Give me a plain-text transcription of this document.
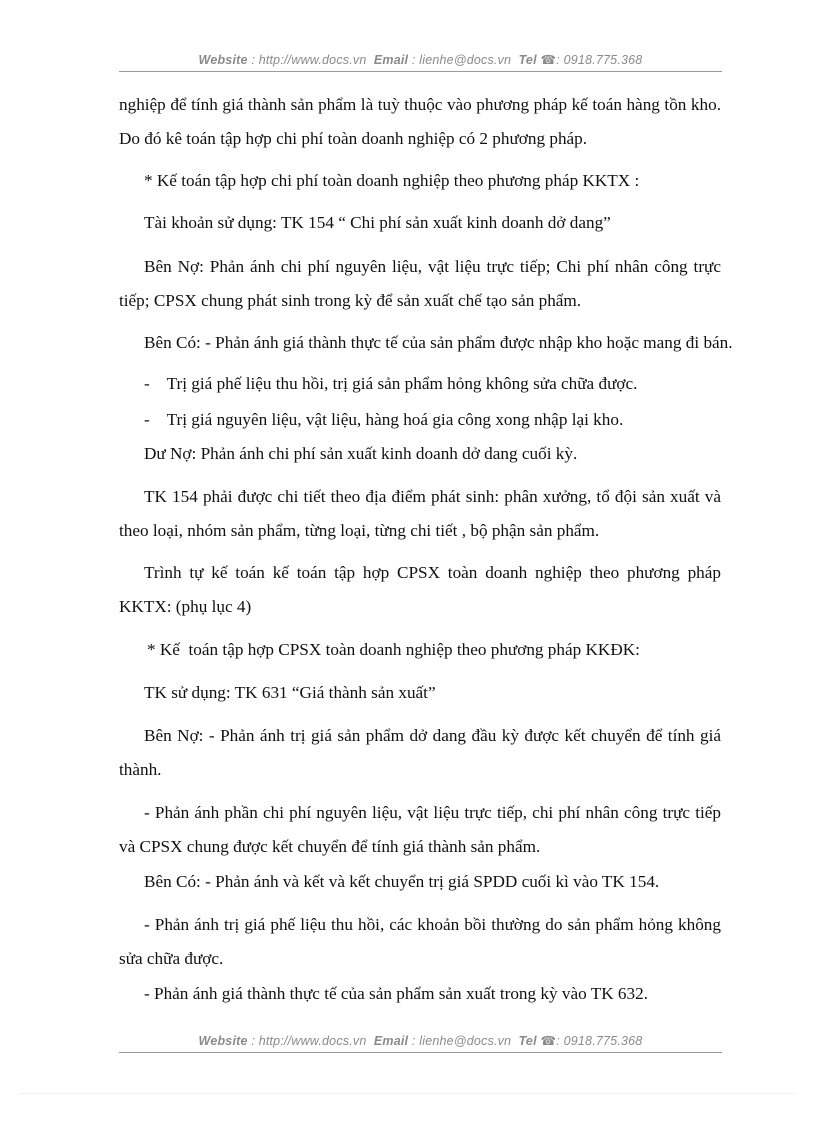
Website : http://www.docs.vn Email : lienhe@docs.vn Tel ☎: 0918.775.368

nghiệp để tính giá thành sản phẩm là tuỳ thuộc vào phương pháp kế toán hàng tồn kho.

Do đó kê toán tập hợp chi phí toàn doanh nghiệp có 2 phương pháp.

* Kế toán tập hợp chi phí toàn doanh nghiệp theo phương pháp KKTX :

Tài khoản sử dụng: TK 154 “ Chi phí sản xuất kinh doanh dở dang”

Bên Nợ: Phản ánh chi phí nguyên liệu, vật liệu trực tiếp; Chi phí nhân công trực

tiếp; CPSX chung phát sinh trong kỳ để sản xuất chế tạo sản phẩm.

Bên Có: - Phản ánh giá thành thực tế của sản phẩm được nhập kho hoặc mang đi bán.

-    Trị giá phế liệu thu hồi, trị giá sản phẩm hỏng không sửa chữa được.

-    Trị giá nguyên liệu, vật liệu, hàng hoá gia công xong nhập lại kho.

Dư Nợ: Phản ánh chi phí sản xuất kinh doanh dở dang cuối kỳ.

TK 154 phải được chi tiết theo địa điểm phát sinh: phân xưởng, tổ đội sản xuất và

theo loại, nhóm sản phẩm, từng loại, từng chi tiết , bộ phận sản phẩm.

Trình tự kế toán kế toán tập hợp CPSX toàn doanh nghiệp theo phương pháp

KKTX: (phụ lục 4)

* Kế  toán tập hợp CPSX toàn doanh nghiệp theo phương pháp KKĐK:

TK sử dụng: TK 631 “Giá thành sản xuất”

Bên Nợ: - Phản ánh trị giá sản phẩm dở dang đầu kỳ được kết chuyển để tính giá

thành.

- Phản ánh phần chi phí nguyên liệu, vật liệu trực tiếp, chi phí nhân công trực tiếp

và CPSX chung được kết chuyển để tính giá thành sản phẩm.

Bên Có: - Phản ánh và kết và kết chuyển trị giá SPDD cuối kì vào TK 154.

- Phản ánh trị giá phế liệu thu hồi, các khoản bồi thường do sản phẩm hỏng không

sửa chữa được.

- Phản ánh giá thành thực tế của sản phẩm sản xuất trong kỳ vào TK 632.

Website : http://www.docs.vn Email : lienhe@docs.vn Tel ☎: 0918.775.368
